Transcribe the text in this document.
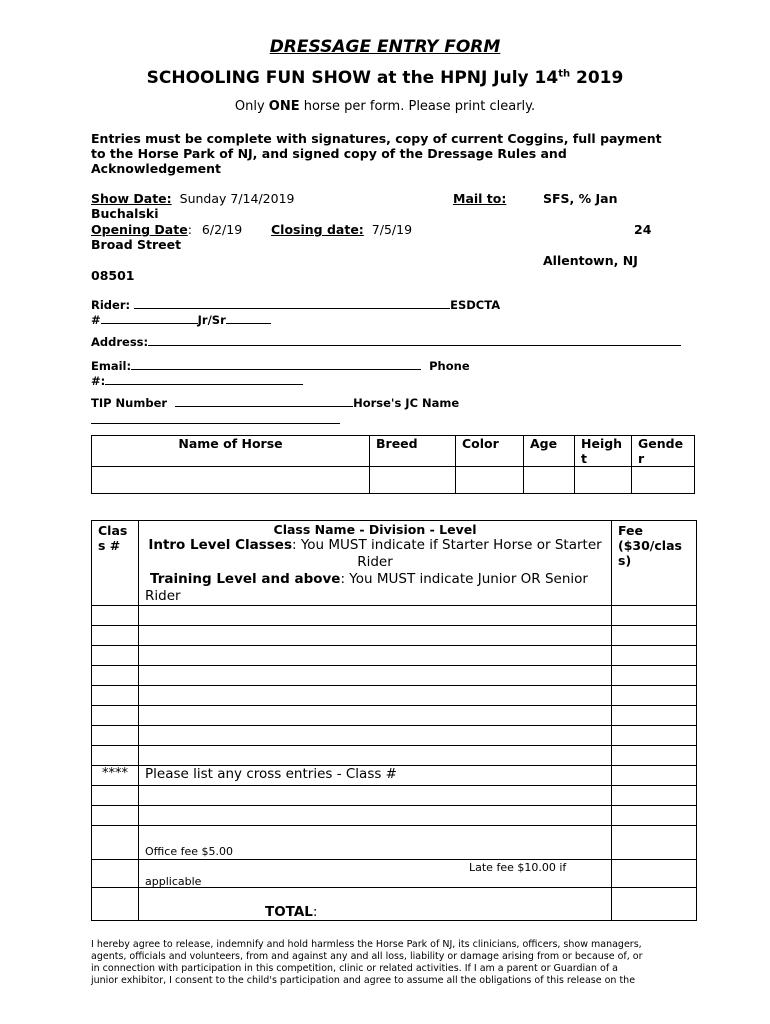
DRESSAGE ENTRY FORM
SCHOOLING FUN SHOW at the HPNJ July 14th 2019
Only ONE horse per form. Please print clearly.
Entries must be complete with signatures, copy of current Coggins, full payment
to the Horse Park of NJ, and signed copy of the Dressage Rules and
Acknowledgement
Show Date: Sunday 7/14/2019	Mail to:	SFS, % Jan
Buchalski
Opening Date: 6/2/19 Closing date: 7/5/19	24
Broad Street
Allentown, NJ
08501
Rider:	ESDCTA
#	Jr/Sr
Address:
Email:	Phone
#:
TIP Number	Horse's JC Name
Name of Horse	Breed	Color	Age	Heigh t	Gende r

Clas s #	Class Name - Division - Level
Intro Level Classes: You MUST indicate if Starter Horse or Starter Rider
Training Level and above: You MUST indicate Junior OR Senior Rider	Fee ($30/clas s)

****	Please list any cross entries - Class #	

	Office fee $5.00	

	Late fee $10.00 if
applicable	

	TOTAL:	
I hereby agree to release, indemnify and hold harmless the Horse Park of NJ, its clinicians, officers, show managers,
agents, officials and volunteers, from and against any and all loss, liability or damage arising from or because of, or
in connection with participation in this competition, clinic or related activities. If I am a parent or Guardian of a
junior exhibitor, I consent to the child's participation and agree to assume all the obligations of this release on the
